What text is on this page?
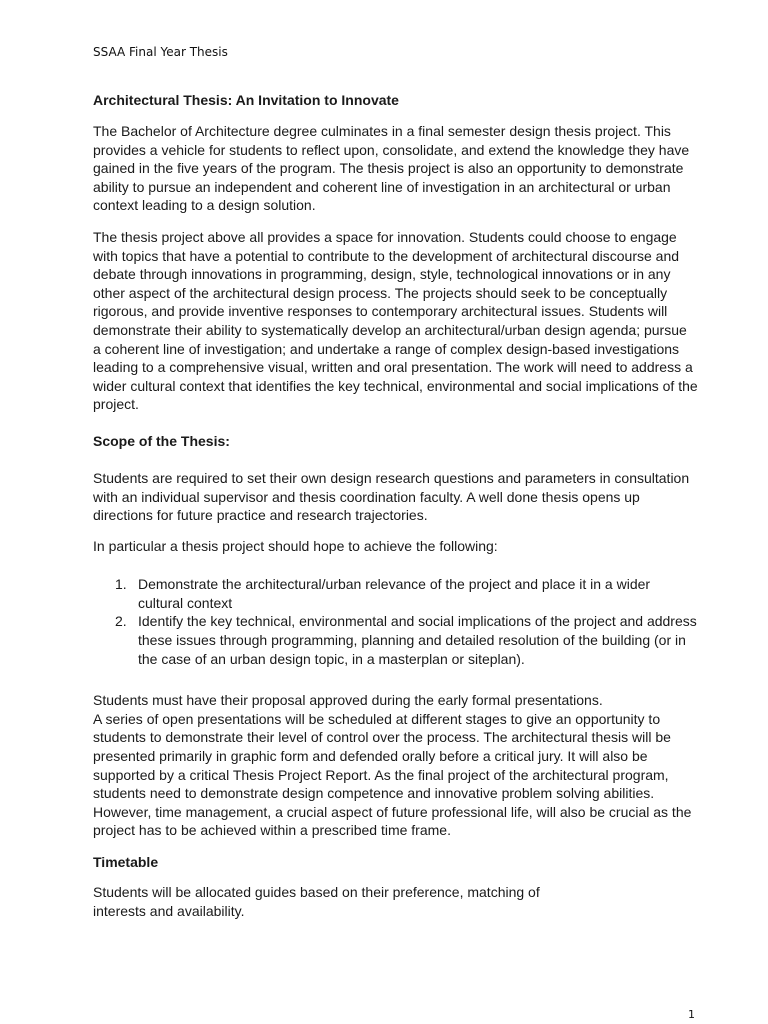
SSAA Final Year Thesis
Architectural Thesis: An Invitation to Innovate

The Bachelor of Architecture degree culminates in a final semester design thesis project. This provides a vehicle for students to reflect upon, consolidate, and extend the knowledge they have gained in the five years of the program. The thesis project is also an opportunity to demonstrate ability to pursue an independent and coherent line of investigation in an architectural or urban context leading to a design solution.

The thesis project above all provides a space for innovation. Students could choose to engage with topics that have a potential to contribute to the development of architectural discourse and debate through innovations in programming, design, style, technological innovations or in any other aspect of the architectural design process. The projects should seek to be conceptually rigorous, and provide inventive responses to contemporary architectural issues. Students will demonstrate their ability to systematically develop an architectural/urban design agenda; pursue a coherent line of investigation; and undertake a range of complex design-based investigations leading to a comprehensive visual, written and oral presentation. The work will need to address a wider cultural context that identifies the key technical, environmental and social implications of the project.

Scope of the Thesis:

Students are required to set their own design research questions and parameters in consultation with an individual supervisor and thesis coordination faculty. A well done thesis opens up directions for future practice and research trajectories.

In particular a thesis project should hope to achieve the following:

Demonstrate the architectural/urban relevance of the project and place it in a wider cultural context
Identify the key technical, environmental and social implications of the project and address these issues through programming, planning and detailed resolution of the building (or in the case of an urban design topic, in a masterplan or siteplan).

Students must have their proposal approved during the early formal presentations.

A series of open presentations will be scheduled at different stages to give an opportunity to students to demonstrate their level of control over the process. The architectural thesis will be presented primarily in graphic form and defended orally before a critical jury. It will also be supported by a critical Thesis Project Report. As the final project of the architectural program, students need to demonstrate design competence and innovative problem solving abilities. However, time management, a crucial aspect of future professional life, will also be crucial as the project has to be achieved within a prescribed time frame.

Timetable

Students will be allocated guides based on their preference, matching of interests and availability.

1
